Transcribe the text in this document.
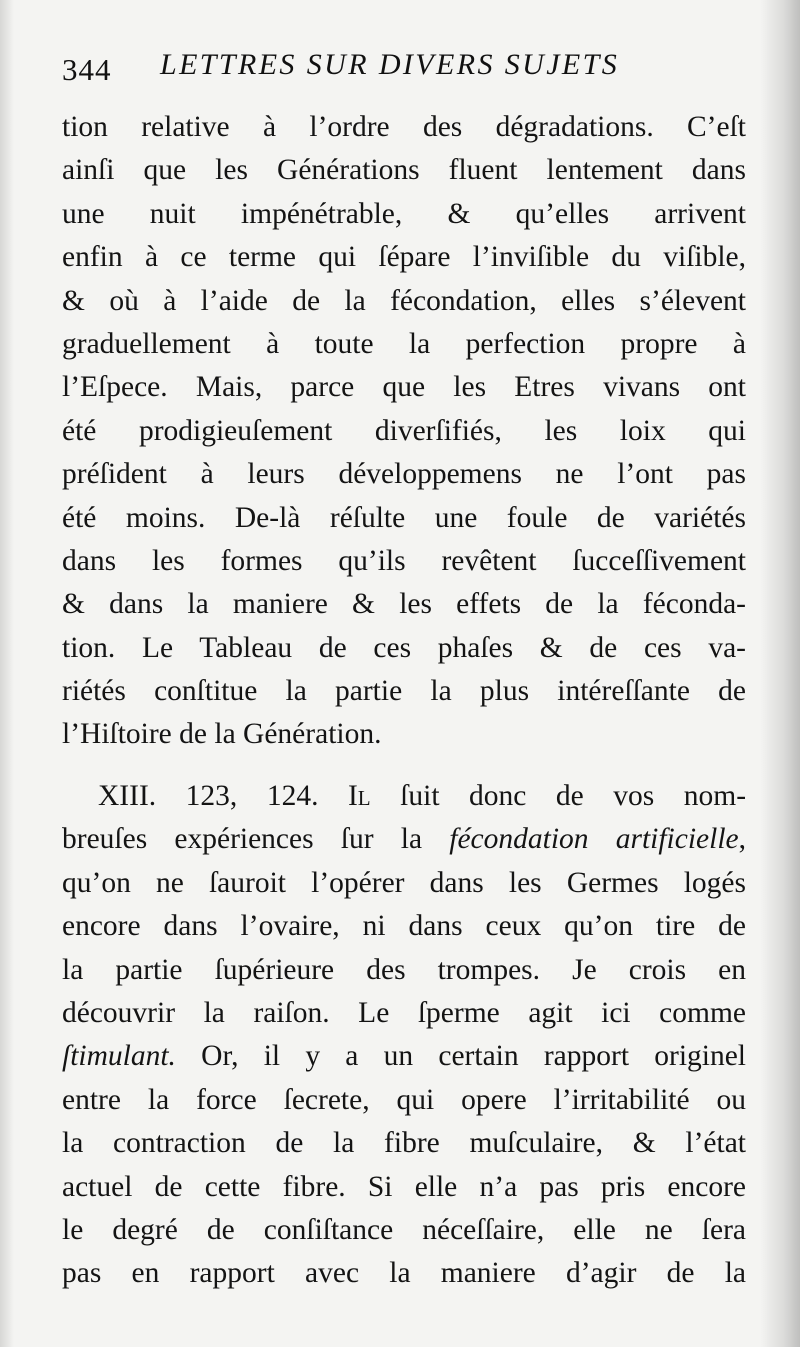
344 LETTRES SUR DIVERS SUJETS
tion relative à l’ordre des dégradations. C’eſt
ainſi que les Générations fluent lentement dans
une nuit impénétrable, & qu’elles arrivent
enfin à ce terme qui ſépare l’inviſible du viſible,
& où à l’aide de la fécondation, elles s’élevent
graduellement à toute la perfection propre à
l’Eſpece. Mais, parce que les Etres vivans ont
été prodigieuſement diverſifiés, les loix qui
préſident à leurs développemens ne l’ont pas
été moins. De-là réſulte une foule de variétés
dans les formes qu’ils revêtent ſucceſſivement
& dans la maniere & les effets de la féconda-
tion. Le Tableau de ces phaſes & de ces va-
riétés conſtitue la partie la plus intéreſſante de
l’Hiſtoire de la Génération.
XIII. 123, 124. Il ſuit donc de vos nom-
breuſes expériences ſur la fécondation artificielle,
qu’on ne ſauroit l’opérer dans les Germes logés
encore dans l’ovaire, ni dans ceux qu’on tire de
la partie ſupérieure des trompes. Je crois en
découvrir la raiſon. Le ſperme agit ici comme
ſtimulant. Or, il y a un certain rapport originel
entre la force ſecrete, qui opere l’irritabilité ou
la contraction de la fibre muſculaire, & l’état
actuel de cette fibre. Si elle n’a pas pris encore
le degré de conſiſtance néceſſaire, elle ne ſera
pas en rapport avec la maniere d’agir de la
